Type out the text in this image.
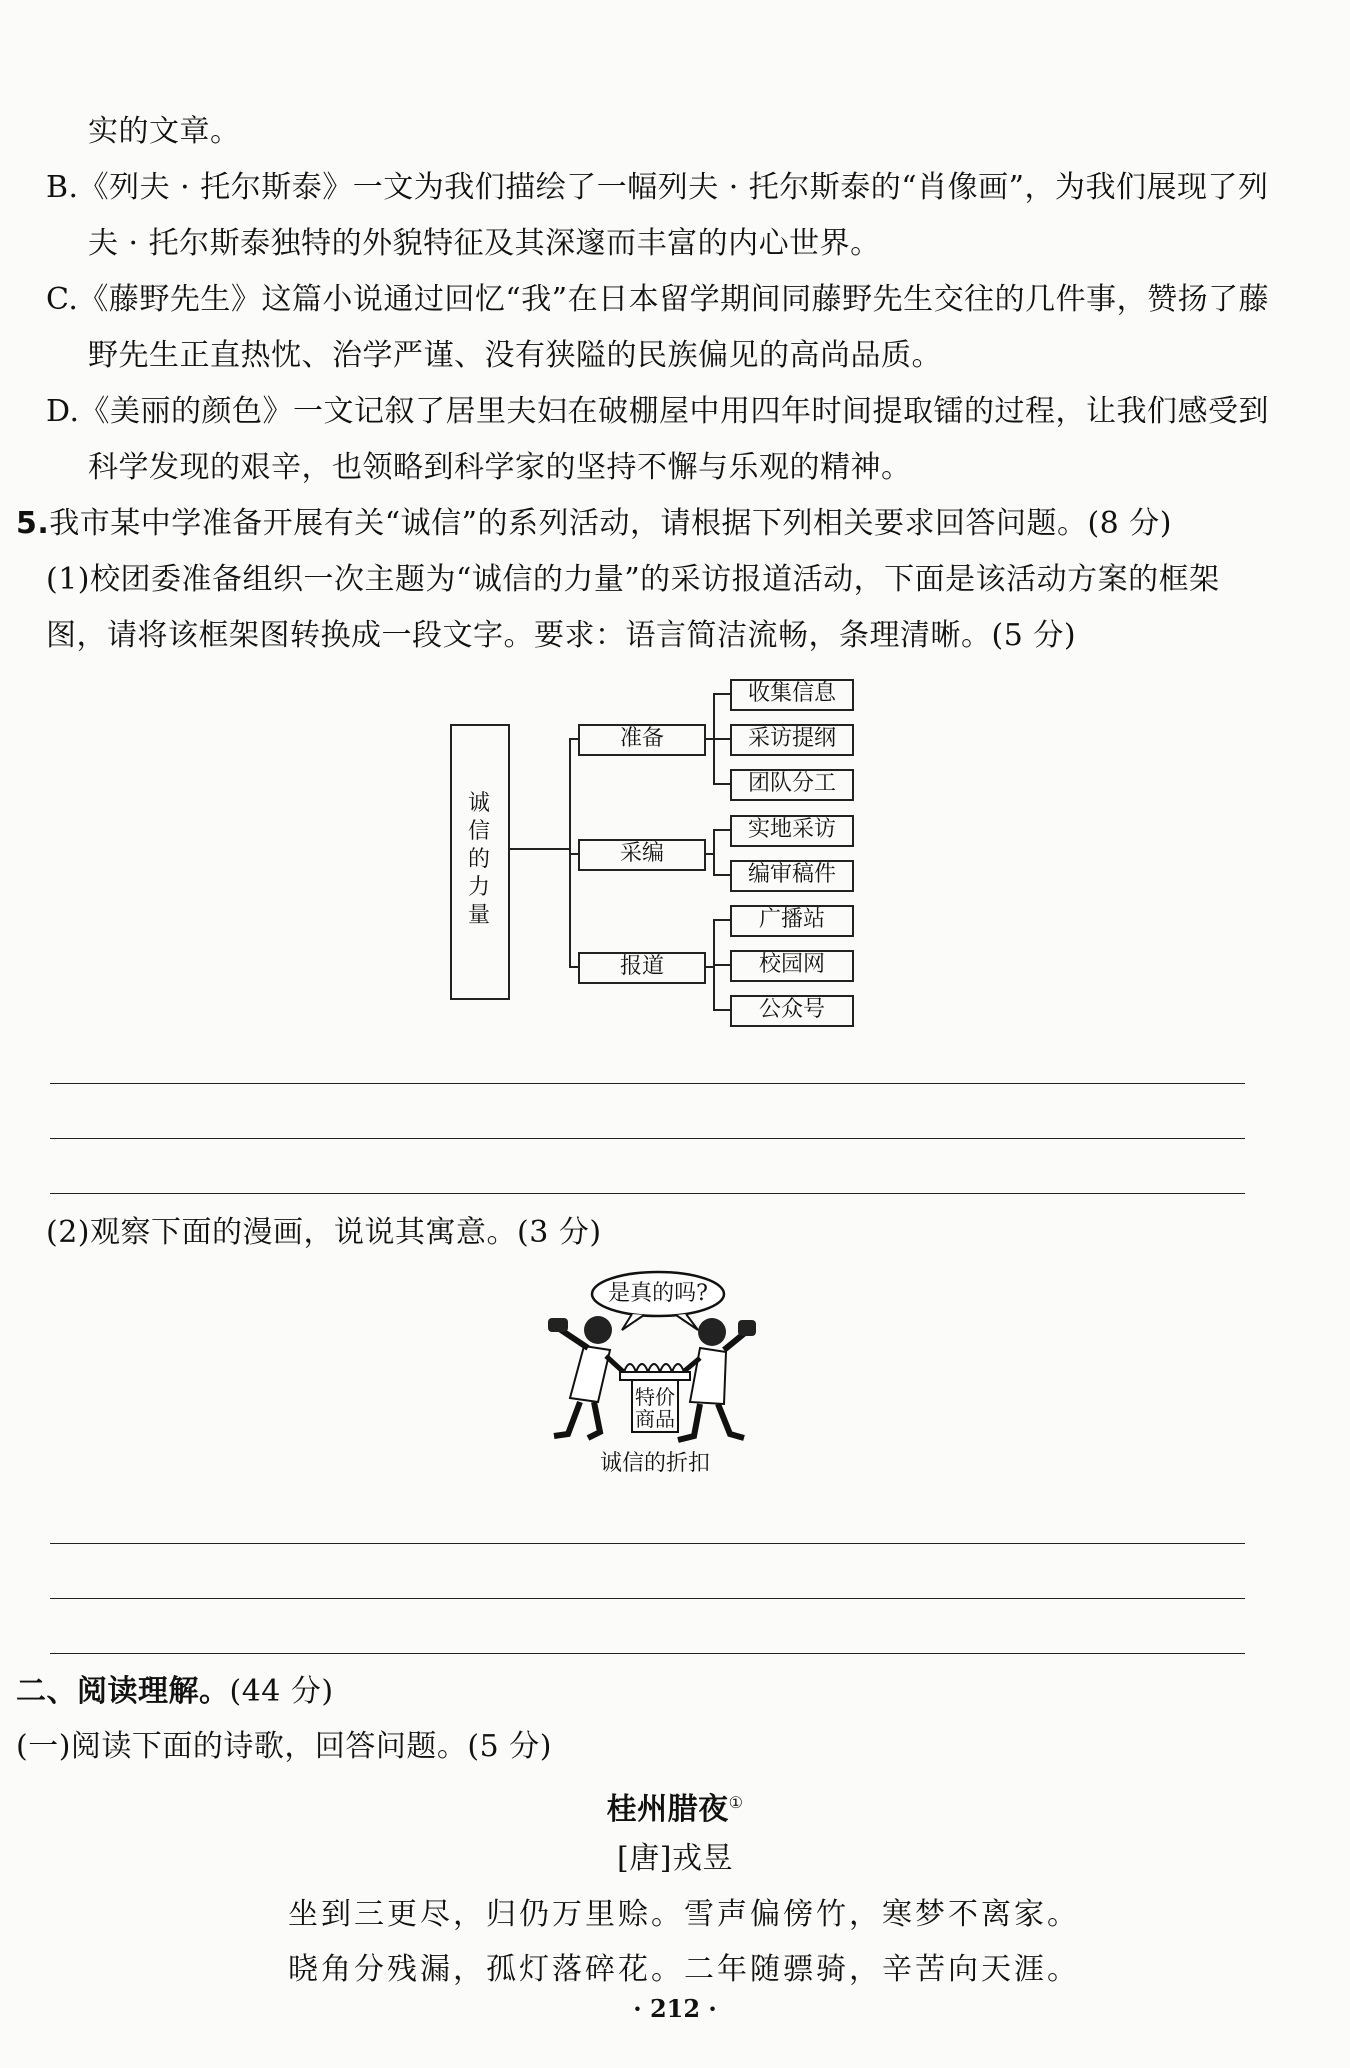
实的文章。
B.《列夫 · 托尔斯泰》一文为我们描绘了一幅列夫 · 托尔斯泰的“肖像画”，为我们展现了列
夫 · 托尔斯泰独特的外貌特征及其深邃而丰富的内心世界。
C.《藤野先生》这篇小说通过回忆“我”在日本留学期间同藤野先生交往的几件事，赞扬了藤
野先生正直热忱、治学严谨、没有狭隘的民族偏见的高尚品质。
D.《美丽的颜色》一文记叙了居里夫妇在破棚屋中用四年时间提取镭的过程，让我们感受到
科学发现的艰辛，也领略到科学家的坚持不懈与乐观的精神。
5.我市某中学准备开展有关“诚信”的系列活动，请根据下列相关要求回答问题。(8 分)
(1)校团委准备组织一次主题为“诚信的力量”的采访报道活动，下面是该活动方案的框架
图，请将该框架图转换成一段文字。要求：语言简洁流畅，条理清晰。(5 分)
诚信的力量
准备
采编
报道
收集信息
采访提纲
团队分工
实地采访
编审稿件
广播站
校园网
公众号
(2)观察下面的漫画，说说其寓意。(3 分)
是真的吗?
特价
商品
诚信的折扣
二、阅读理解。(44 分)
(一)阅读下面的诗歌，回答问题。(5 分)
桂州腊夜①
[唐]戎昱
坐到三更尽，归仍万里赊。雪声偏傍竹，寒梦不离家。
晓角分残漏，孤灯落碎花。二年随骠骑，辛苦向天涯。
· 212 ·
